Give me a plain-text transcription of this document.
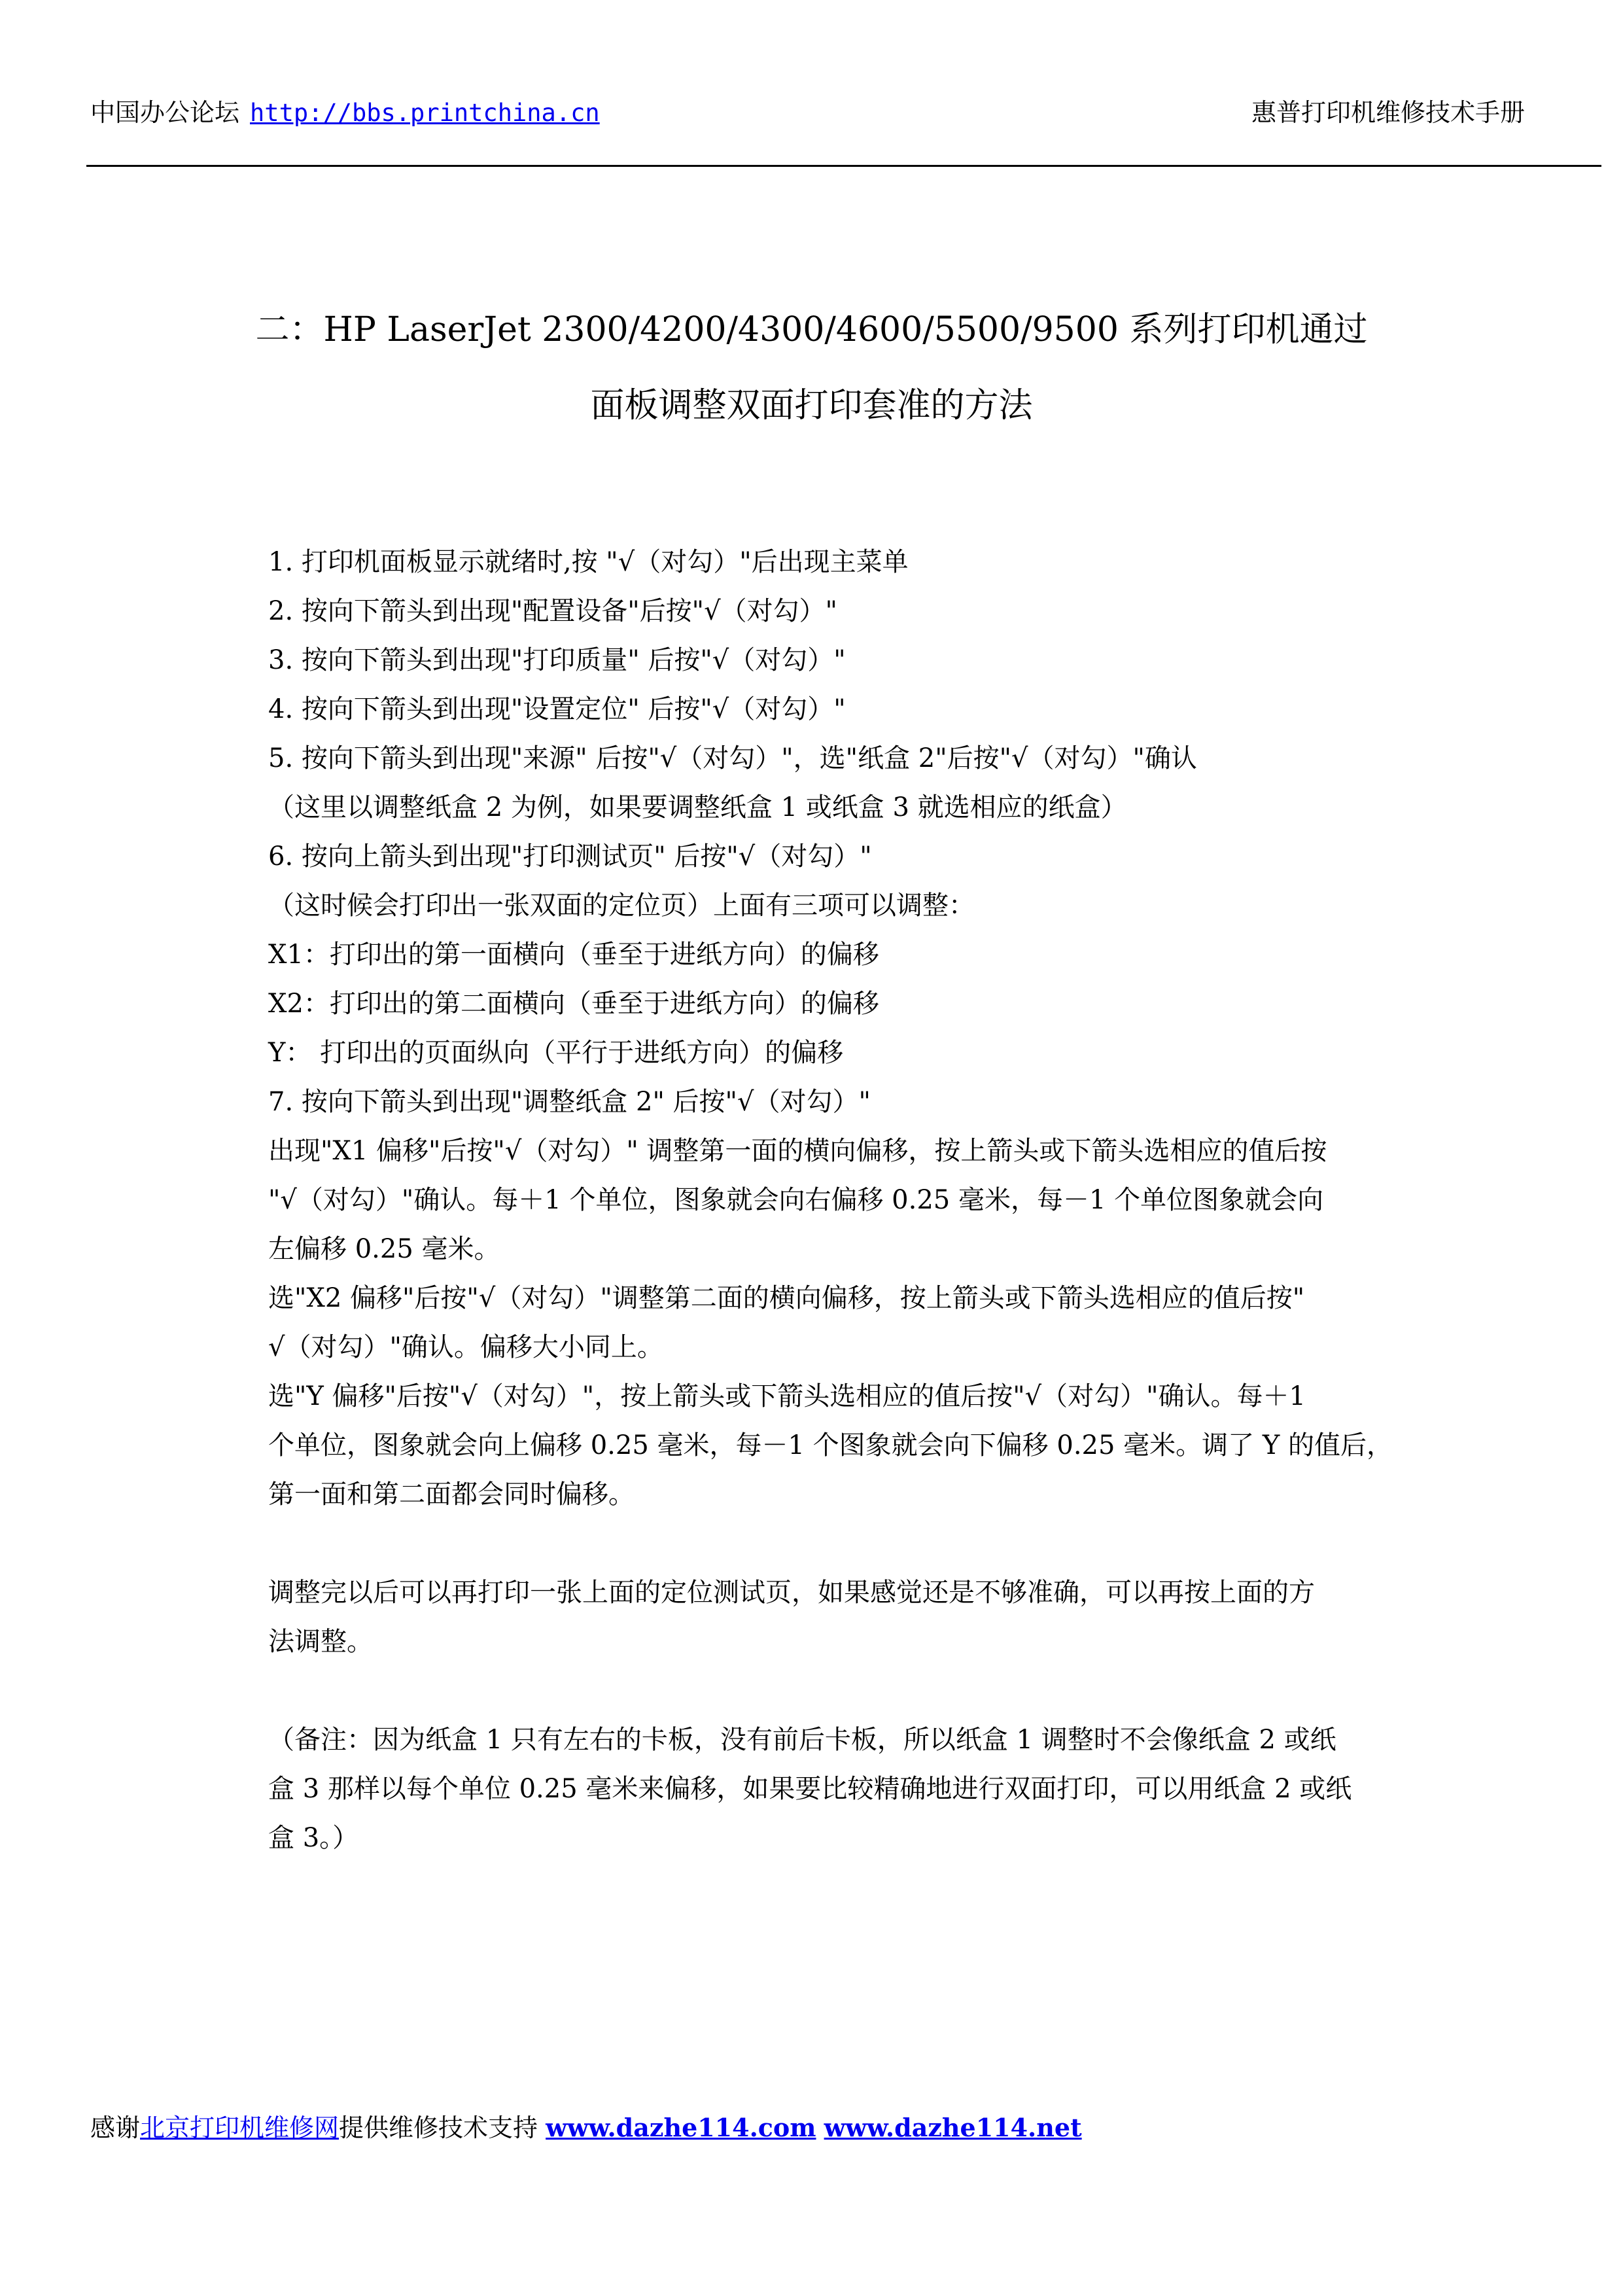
中国办公论坛 http://bbs.printchina.cn	惠普打印机维修技术手册
二：HP LaserJet 2300/4200/4300/4600/5500/9500 系列打印机通过
面板调整双面打印套准的方法
1. 打印机面板显示就绪时,按 "√（对勾）"后出现主菜单
2. 按向下箭头到出现"配置设备"后按"√（对勾）"
3. 按向下箭头到出现"打印质量" 后按"√（对勾）"
4. 按向下箭头到出现"设置定位" 后按"√（对勾）"
5. 按向下箭头到出现"来源" 后按"√（对勾）"，选"纸盒 2"后按"√（对勾）"确认
（这里以调整纸盒 2 为例，如果要调整纸盒 1 或纸盒 3 就选相应的纸盒）
6. 按向上箭头到出现"打印测试页" 后按"√（对勾）"
（这时候会打印出一张双面的定位页）上面有三项可以调整：
X1：打印出的第一面横向（垂至于进纸方向）的偏移
X2：打印出的第二面横向（垂至于进纸方向）的偏移
Y： 打印出的页面纵向（平行于进纸方向）的偏移
7. 按向下箭头到出现"调整纸盒 2" 后按"√（对勾）"
出现"X1 偏移"后按"√（对勾）" 调整第一面的横向偏移，按上箭头或下箭头选相应的值后按
"√（对勾）"确认。每＋1 个单位，图象就会向右偏移 0.25 毫米，每－1 个单位图象就会向
左偏移 0.25 毫米。
选"X2 偏移"后按"√（对勾）"调整第二面的横向偏移，按上箭头或下箭头选相应的值后按"
√（对勾）"确认。偏移大小同上。
选"Y 偏移"后按"√（对勾）"，按上箭头或下箭头选相应的值后按"√（对勾）"确认。每＋1
个单位，图象就会向上偏移 0.25 毫米，每－1 个图象就会向下偏移 0.25 毫米。调了 Y 的值后，
第一面和第二面都会同时偏移。
调整完以后可以再打印一张上面的定位测试页，如果感觉还是不够准确，可以再按上面的方
法调整。
（备注：因为纸盒 1 只有左右的卡板，没有前后卡板，所以纸盒 1 调整时不会像纸盒 2 或纸
盒 3 那样以每个单位 0.25 毫米来偏移，如果要比较精确地进行双面打印，可以用纸盒 2 或纸
盒 3。）
感谢北京打印机维修网提供维修技术支持 www.dazhe114.com www.dazhe114.net
